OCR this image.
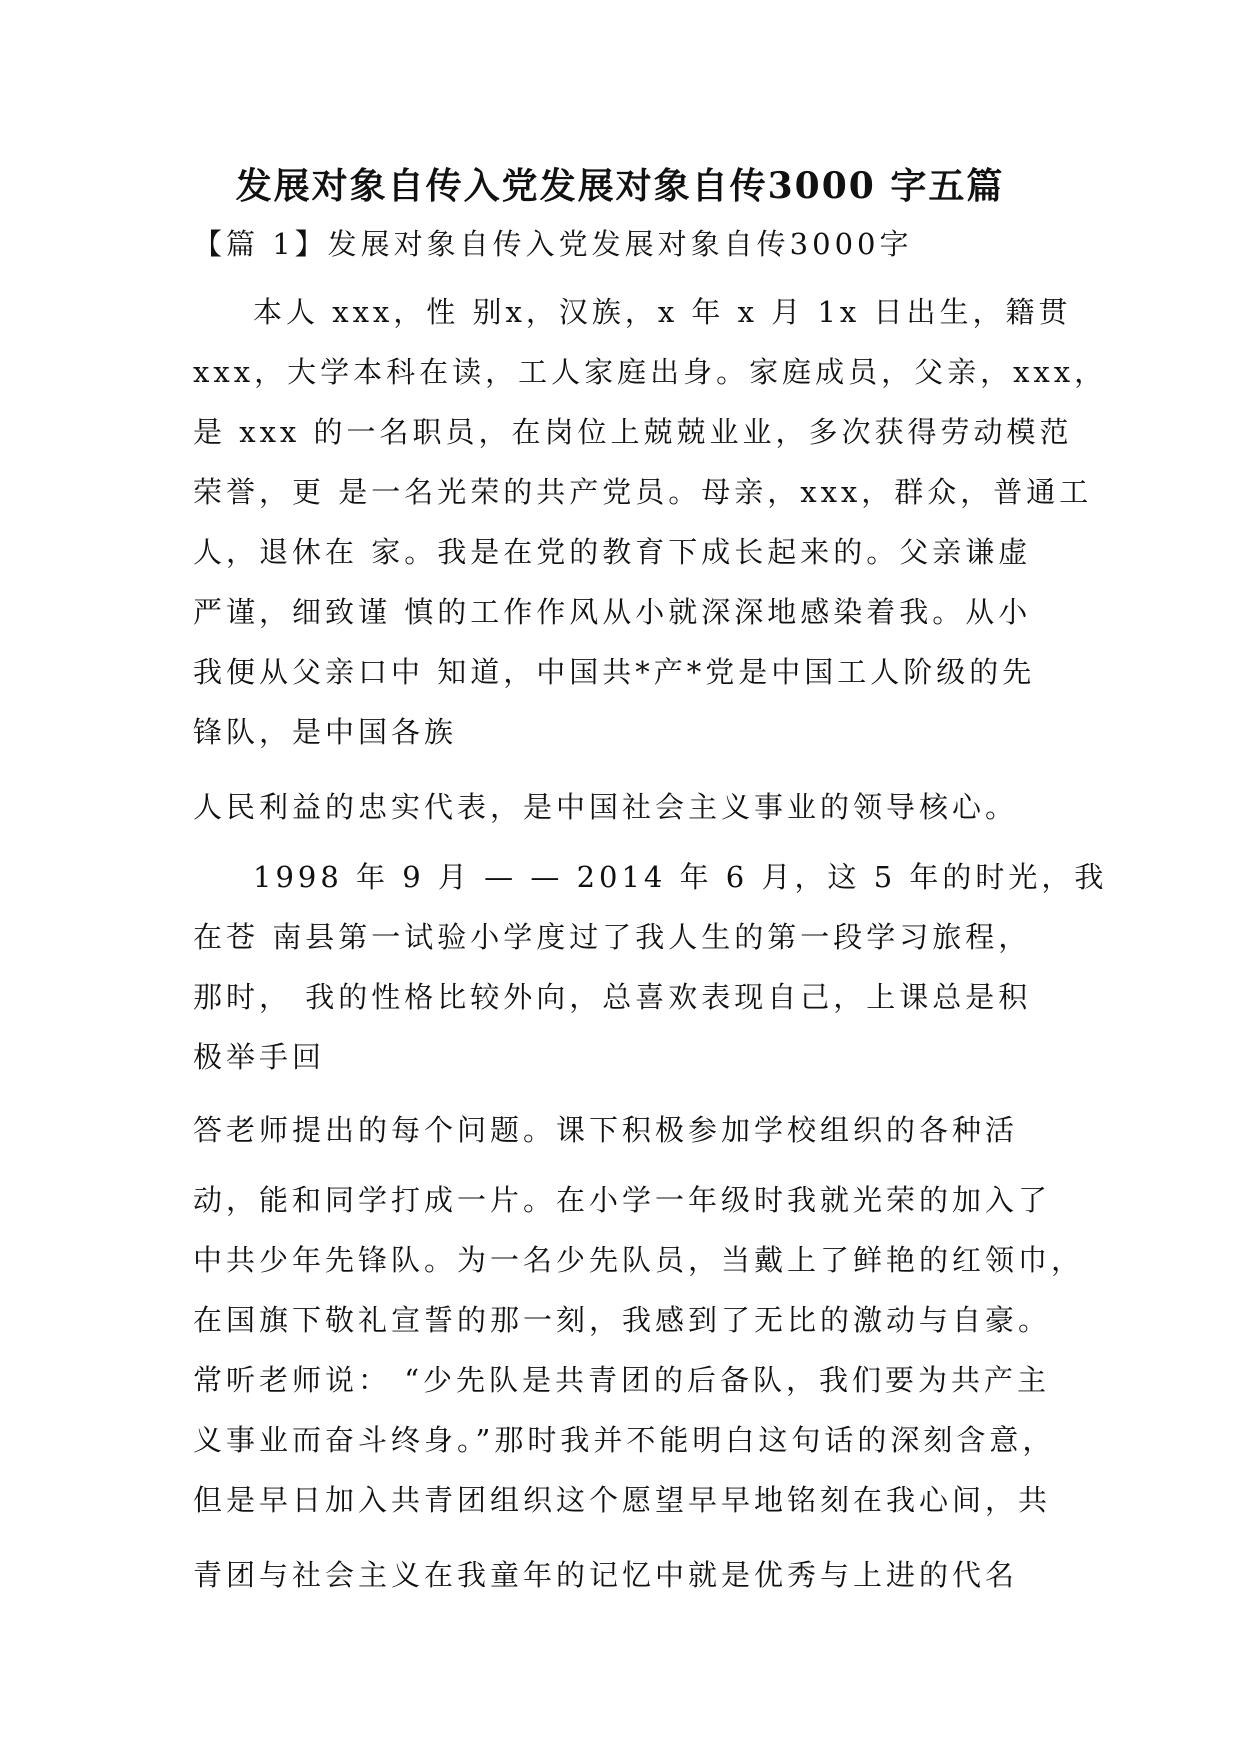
发展对象自传入党发展对象自传3000 字五篇
【篇 1】发展对象自传入党发展对象自传3000字
本人 xxx，性 别x，汉族，x 年 x 月 1x 日出生，籍贯
xxx，大学本科在读，工人家庭出身。家庭成员，父亲，xxx，
是 xxx 的一名职员，在岗位上兢兢业业，多次获得劳动模范
荣誉，更 是一名光荣的共产党员。母亲，xxx，群众，普通工
人，退休在 家。我是在党的教育下成长起来的。父亲谦虚
严谨，细致谨 慎的工作作风从小就深深地感染着我。从小
我便从父亲口中 知道，中国共*产*党是中国工人阶级的先
锋队，是中国各族
人民利益的忠实代表，是中国社会主义事业的领导核心。
1998 年 9 月 — — 2014 年 6 月，这 5 年的时光，我
在苍 南县第一试验小学度过了我人生的第一段学习旅程，
那时， 我的性格比较外向，总喜欢表现自己，上课总是积
极举手回
答老师提出的每个问题。课下积极参加学校组织的各种活
动，能和同学打成一片。在小学一年级时我就光荣的加入了
中共少年先锋队。为一名少先队员，当戴上了鲜艳的红领巾，
在国旗下敬礼宣誓的那一刻，我感到了无比的激动与自豪。
常听老师说： “少先队是共青团的后备队，我们要为共产主
义事业而奋斗终身。”那时我并不能明白这句话的深刻含意，
但是早日加入共青团组织这个愿望早早地铭刻在我心间，共
青团与社会主义在我童年的记忆中就是优秀与上进的代名
